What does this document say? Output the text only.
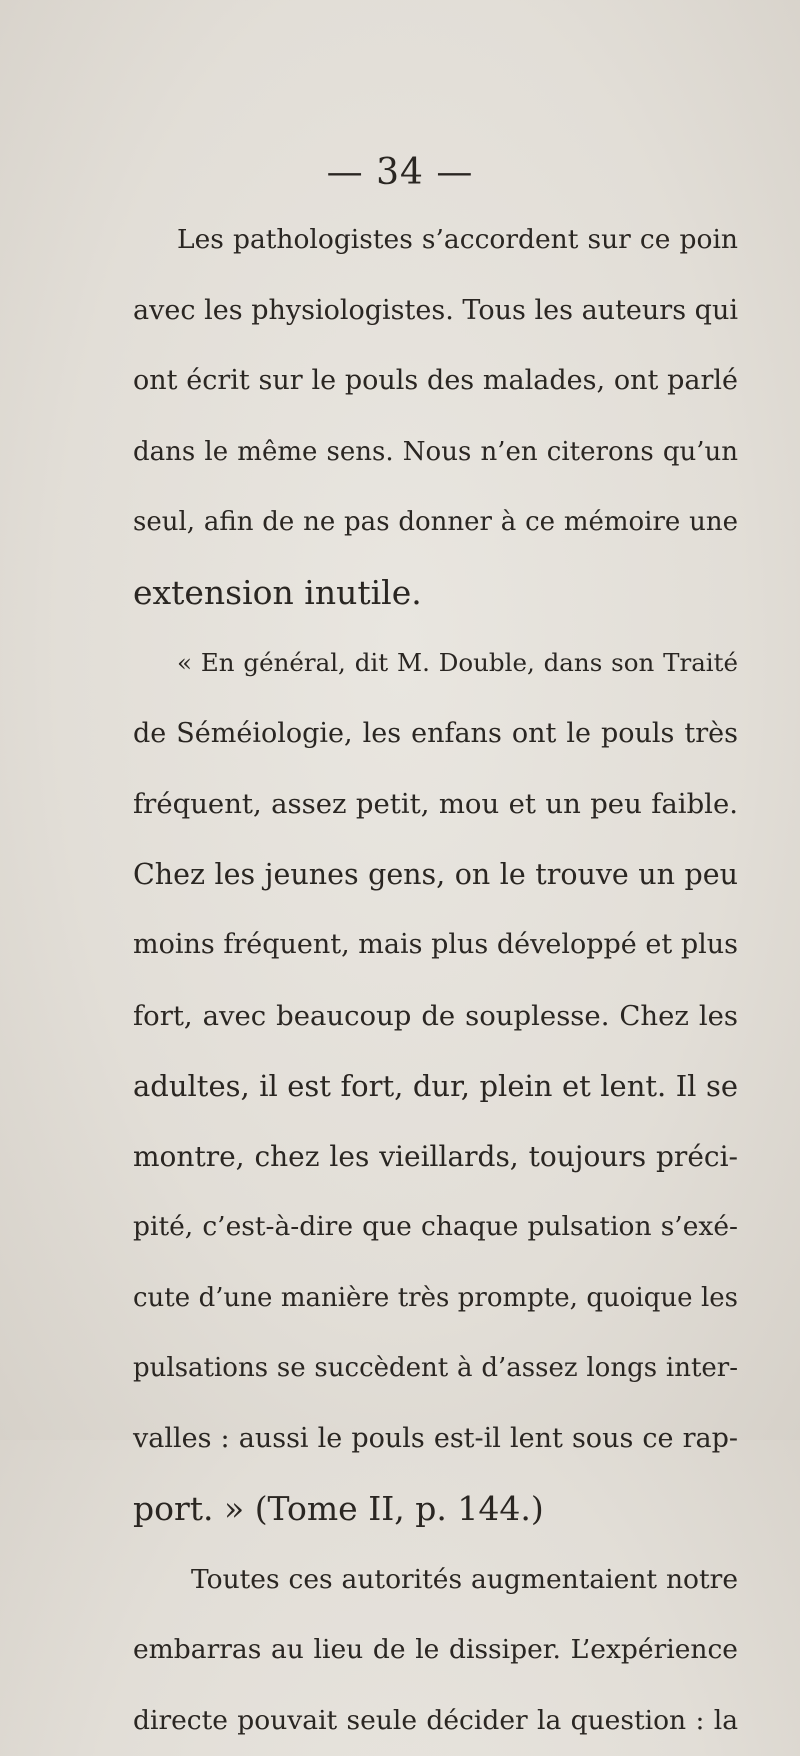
— 34 —
Les pathologistes s’accordent sur ce poin
avec les physiologistes. Tous les auteurs qui
ont écrit sur le pouls des malades, ont parlé
dans le même sens. Nous n’en citerons qu’un
seul, afin de ne pas donner à ce mémoire une
extension inutile.
« En général, dit M. Double, dans son Traité
de Séméiologie, les enfans ont le pouls très
fréquent, assez petit, mou et un peu faible.
Chez les jeunes gens, on le trouve un peu
moins fréquent, mais plus développé et plus
fort, avec beaucoup de souplesse. Chez les
adultes, il est fort, dur, plein et lent. Il se
montre, chez les vieillards, toujours préci-
pité, c’est-à-dire que chaque pulsation s’exé-
cute d’une manière très prompte, quoique les
pulsations se succèdent à d’assez longs inter-
valles : aussi le pouls est-il lent sous ce rap-
port. » (Tome II, p. 144.)
Toutes ces autorités augmentaient notre
embarras au lieu de le dissiper. L’expérience
directe pouvait seule décider la question : la
